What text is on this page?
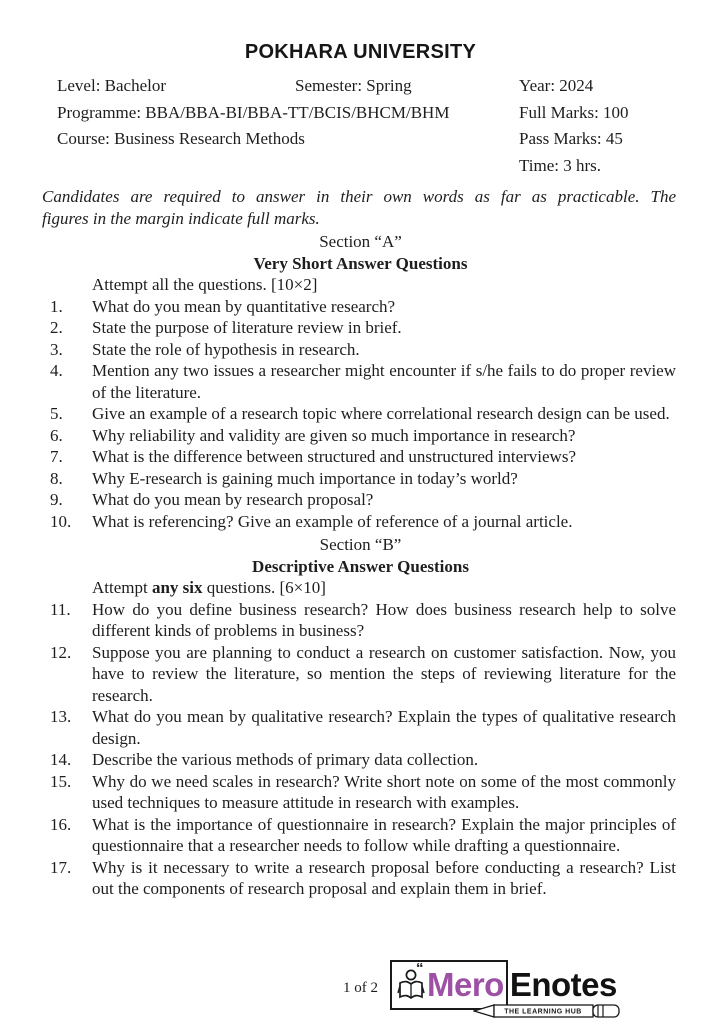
POKHARA UNIVERSITY
Level: Bachelor	Semester: Spring	Year: 2024
Programme: BBA/BBA-BI/BBA-TT/BCIS/BHCM/BHM	Full Marks: 100
Course: Business Research Methods	Pass Marks: 45
Time: 3 hrs.
Candidates are required to answer in their own words as far as practicable. The
figures in the margin indicate full marks.
Section “A”
Very Short Answer Questions
Attempt all the questions. [10×2]
1.	What do you mean by quantitative research?
2.	State the purpose of literature review in brief.
3.	State the role of hypothesis in research.
4.	Mention any two issues a researcher might encounter if s/he fails to do proper review of the literature.
5.	Give an example of a research topic where correlational research design can be used.
6.	Why reliability and validity are given so much importance in research?
7.	What is the difference between structured and unstructured interviews?
8.	Why E-research is gaining much importance in today’s world?
9.	What do you mean by research proposal?
10.	What is referencing? Give an example of reference of a journal article.
Section “B”
Descriptive Answer Questions
Attempt any six questions. [6×10]
11.	How do you define business research? How does business research help to solve different kinds of problems in business?
12.	Suppose you are planning to conduct a research on customer satisfaction. Now, you have to review the literature, so mention the steps of reviewing literature for the research.
13.	What do you mean by qualitative research? Explain the types of qualitative research design.
14.	Describe the various methods of primary data collection.
15.	Why do we need scales in research? Write short note on some of the most commonly used techniques to measure attitude in research with examples.
16.	What is the importance of questionnaire in research? Explain the major principles of questionnaire that a researcher needs to follow while drafting a questionnaire.
17.	Why is it necessary to write a research proposal before conducting a research? List out the components of research proposal and explain them in brief.
1 of 2
“ Mero Enotes
THE LEARNING HUB
